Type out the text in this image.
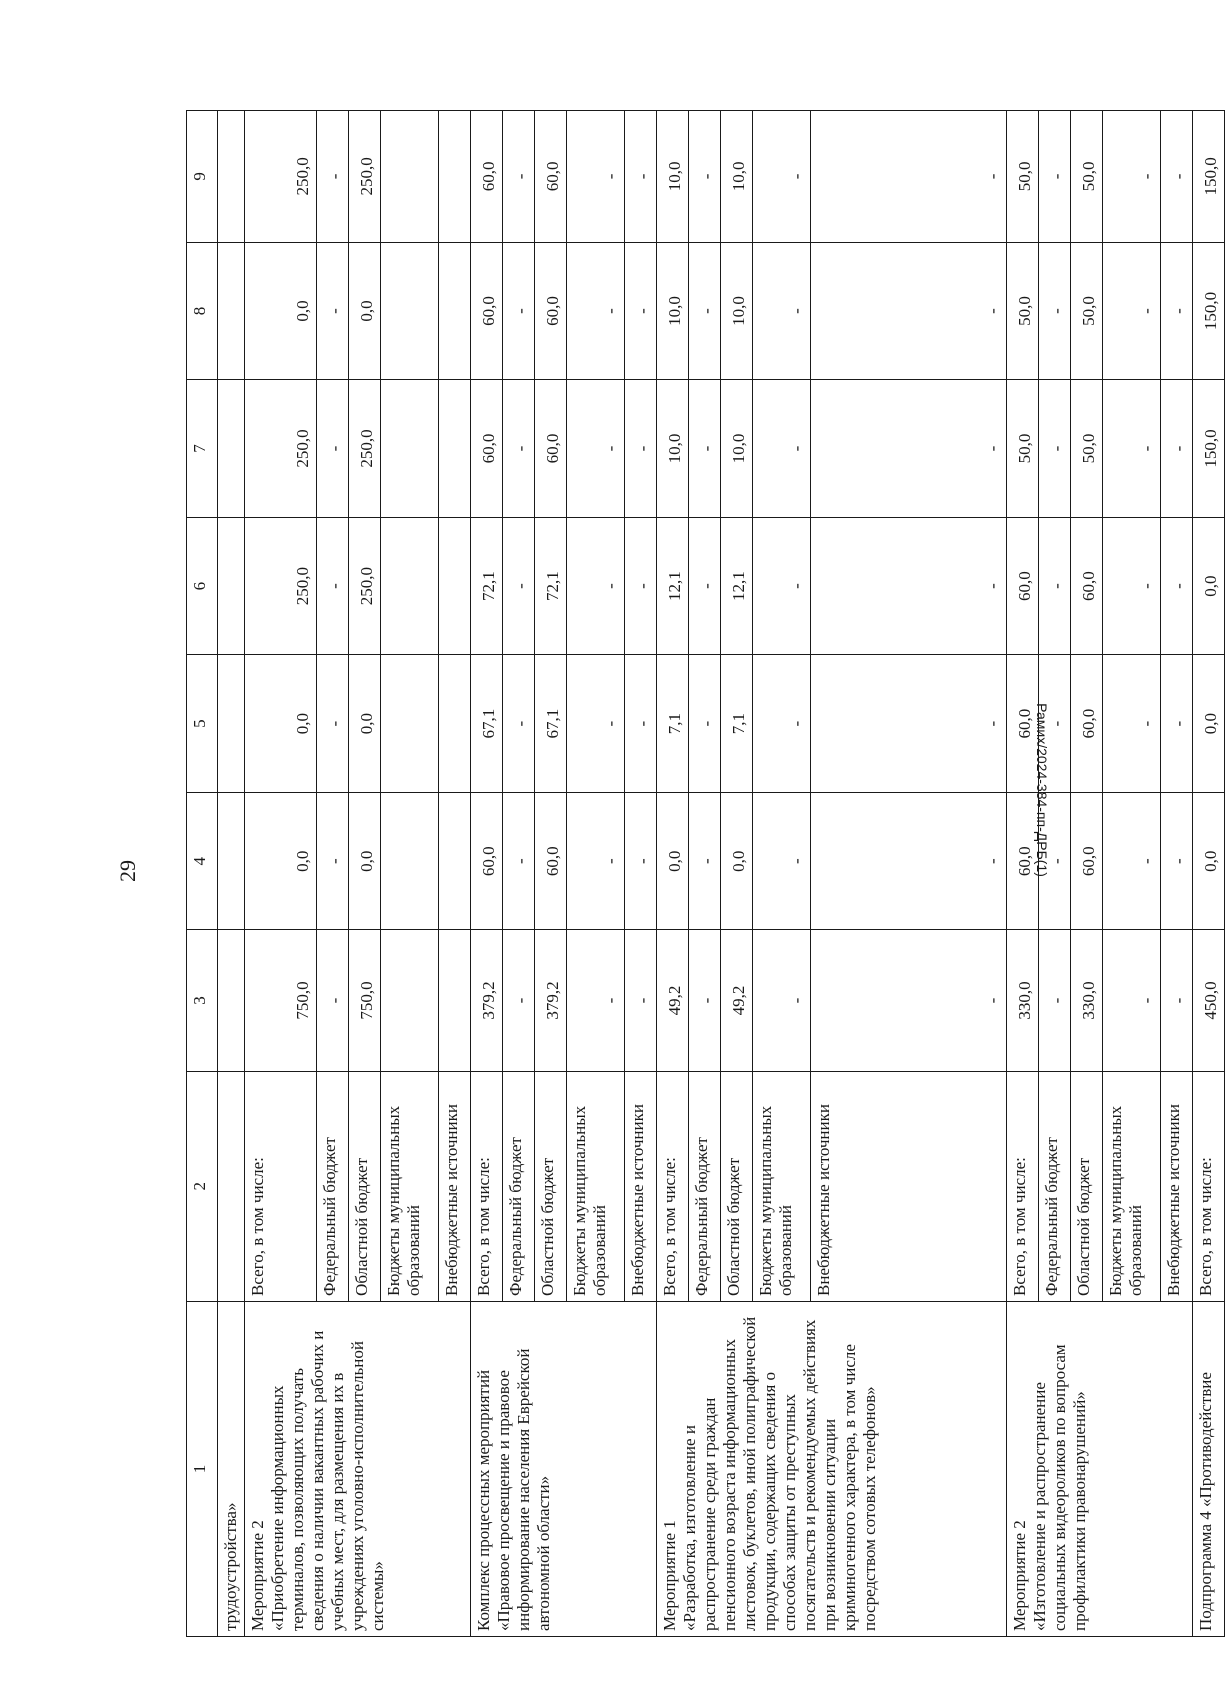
29	Рамих/2024-384-пп-ДРБ(1)
1	2	3	4	5	6	7	8	9
трудоустройства»								
Мероприятие 2
«Приобретение информационных терминалов, позволяющих получать сведения о наличии вакантных рабочих и учебных мест, для размещения их в учреждениях уголовно-исполнительной системы»	Всего, в том числе:	750,0	0,0	0,0	250,0	250,0	0,0	250,0
	Федеральный бюджет	-	-	-	-	-	-	-
	Областной бюджет	750,0	0,0	0,0	250,0	250,0	0,0	250,0
	Бюджеты муниципальных образований							
	Внебюджетные источники							
Комплекс процессных мероприятий «Правовое просвещение и правовое информирование населения Еврейской автономной области»	Всего, в том числе:	379,2	60,0	67,1	72,1	60,0	60,0	60,0
	Федеральный бюджет	-	-	-	-	-	-	-
	Областной бюджет	379,2	60,0	67,1	72,1	60,0	60,0	60,0
	Бюджеты муниципальных образований	-	-	-	-	-	-	-
	Внебюджетные источники	-	-	-	-	-	-	-
Мероприятие 1
«Разработка, изготовление и распространение среди граждан пенсионного возраста информационных листовок, буклетов, иной полиграфической продукции, содержащих сведения о способах защиты от преступных посягательств и рекомендуемых действиях при возникновении ситуации криминогенного характера, в том числе посредством сотовых телефонов»	Всего, в том числе:	49,2	0,0	7,1	12,1	10,0	10,0	10,0
	Федеральный бюджет	-	-	-	-	-	-	-
	Областной бюджет	49,2	0,0	7,1	12,1	10,0	10,0	10,0
	Бюджеты муниципальных образований	-	-	-	-	-	-	-
	Внебюджетные источники	-	-	-	-	-	-	-
Мероприятие 2
«Изготовление и распространение социальных видеороликов по вопросам профилактики правонарушений»	Всего, в том числе:	330,0	60,0	60,0	60,0	50,0	50,0	50,0
	Федеральный бюджет	-	-	-	-	-	-	-
	Областной бюджет	330,0	60,0	60,0	60,0	50,0	50,0	50,0
	Бюджеты муниципальных образований	-	-	-	-	-	-	-
	Внебюджетные источники	-	-	-	-	-	-	-
Подпрограмма 4 «Противодействие	Всего, в том числе:	450,0	0,0	0,0	0,0	150,0	150,0	150,0
